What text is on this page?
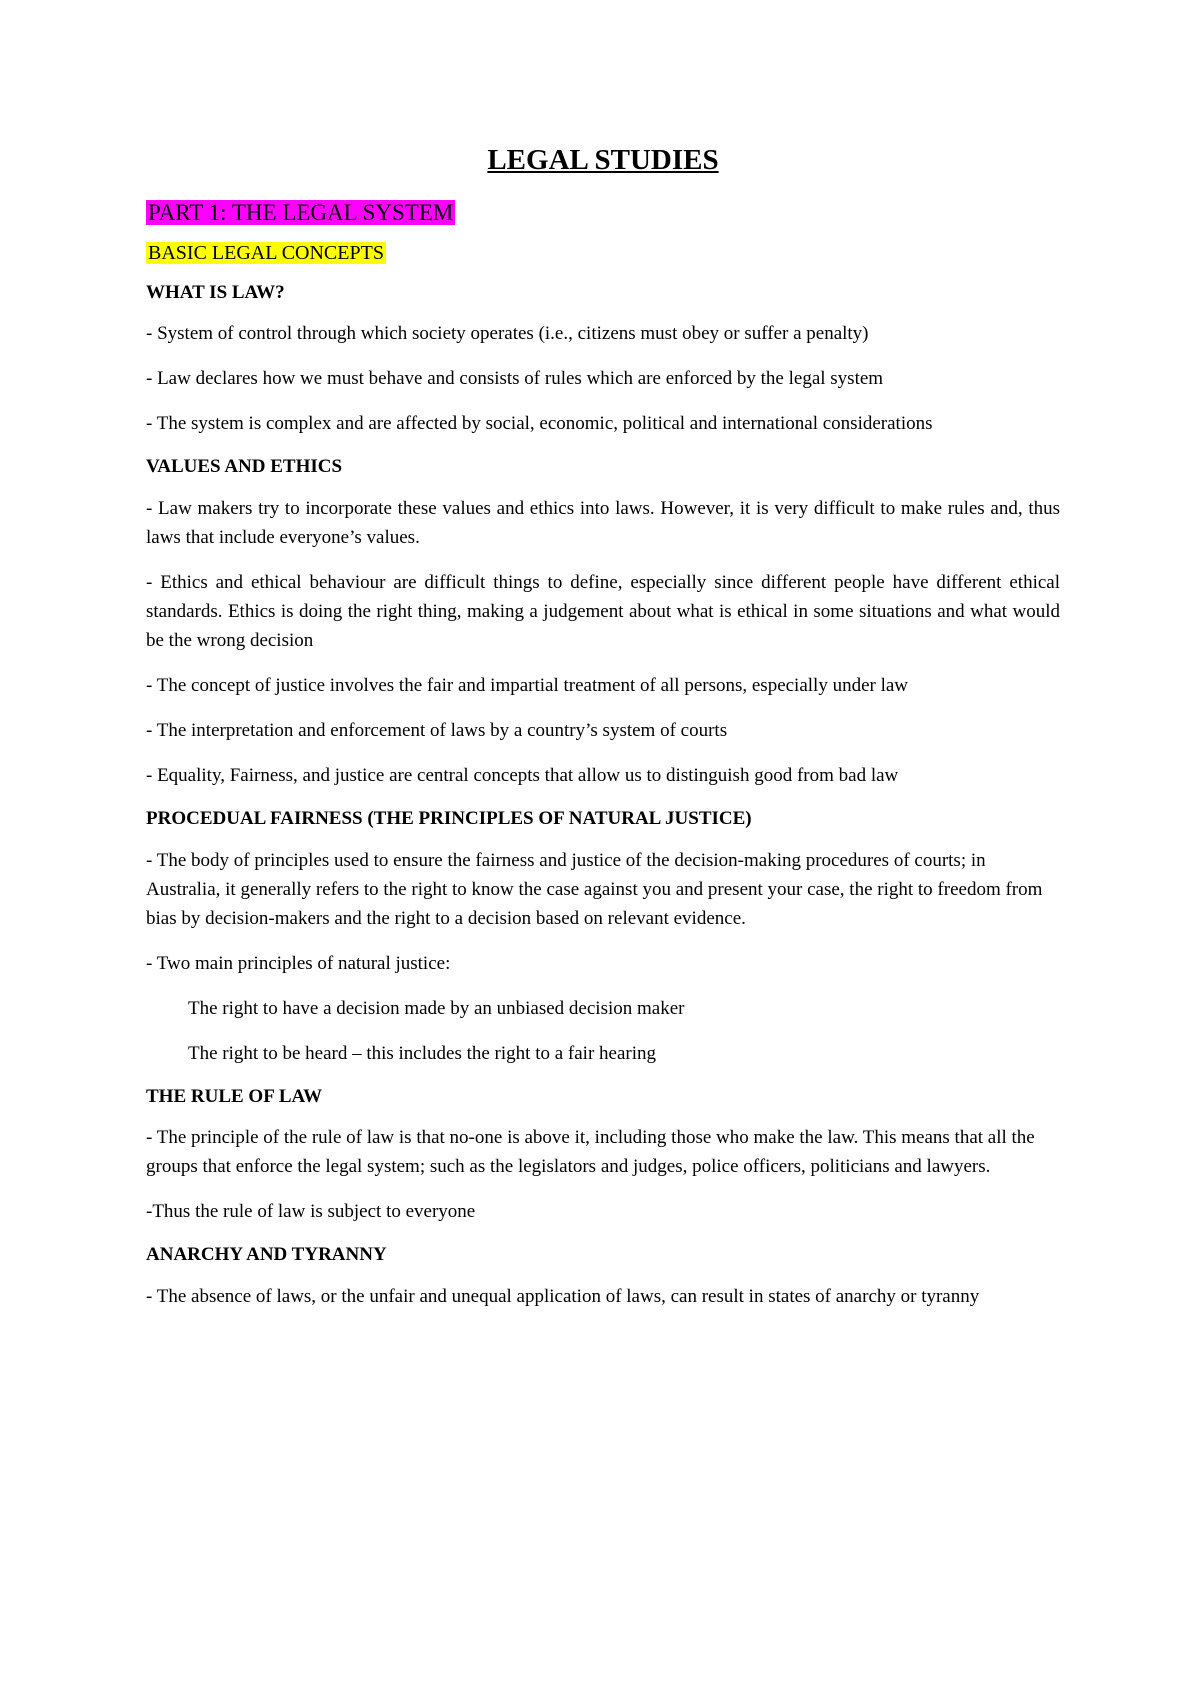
LEGAL STUDIES
PART 1: THE LEGAL SYSTEM
BASIC LEGAL CONCEPTS
WHAT IS LAW?

- System of control through which society operates (i.e., citizens must obey or suffer a penalty)

- Law declares how we must behave and consists of rules which are enforced by the legal system

- The system is complex and are affected by social, economic, political and international considerations

VALUES AND ETHICS

- Law makers try to incorporate these values and ethics into laws. However, it is very difficult to make rules and, thus laws that include everyone’s values.

- Ethics and ethical behaviour are difficult things to define, especially since different people have different ethical standards. Ethics is doing the right thing, making a judgement about what is ethical in some situations and what would be the wrong decision

- The concept of justice involves the fair and impartial treatment of all persons, especially under law

- The interpretation and enforcement of laws by a country’s system of courts

- Equality, Fairness, and justice are central concepts that allow us to distinguish good from bad law

PROCEDUAL FAIRNESS (THE PRINCIPLES OF NATURAL JUSTICE)

- The body of principles used to ensure the fairness and justice of the decision-making procedures of courts; in Australia, it generally refers to the right to know the case against you and present your case, the right to freedom from bias by decision-makers and the right to a decision based on relevant evidence.

- Two main principles of natural justice:

The right to have a decision made by an unbiased decision maker

The right to be heard – this includes the right to a fair hearing

THE RULE OF LAW

- The principle of the rule of law is that no-one is above it, including those who make the law. This means that all the groups that enforce the legal system; such as the legislators and judges, police officers, politicians and lawyers.

-Thus the rule of law is subject to everyone

ANARCHY AND TYRANNY

- The absence of laws, or the unfair and unequal application of laws, can result in states of anarchy or tyranny
